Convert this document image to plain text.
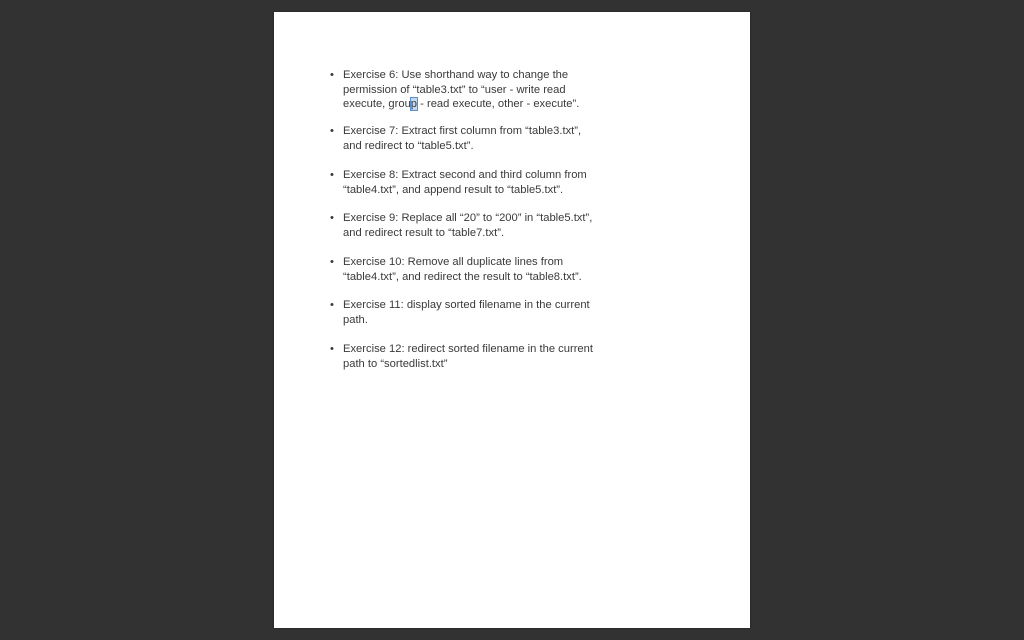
• Exercise 6: Use shorthand way to change the
permission of “table3.txt” to “user - write read
execute, group - read execute, other - execute”.
• Exercise 7: Extract first column from “table3.txt”,
and redirect to “table5.txt”.
• Exercise 8: Extract second and third column from
“table4.txt”, and append result to “table5.txt”.
• Exercise 9: Replace all “20” to “200” in “table5.txt”,
and redirect result to “table7.txt”.
• Exercise 10: Remove all duplicate lines from
“table4.txt”, and redirect the result to “table8.txt”.
• Exercise 11: display sorted filename in the current
path.
• Exercise 12: redirect sorted filename in the current
path to “sortedlist.txt”
